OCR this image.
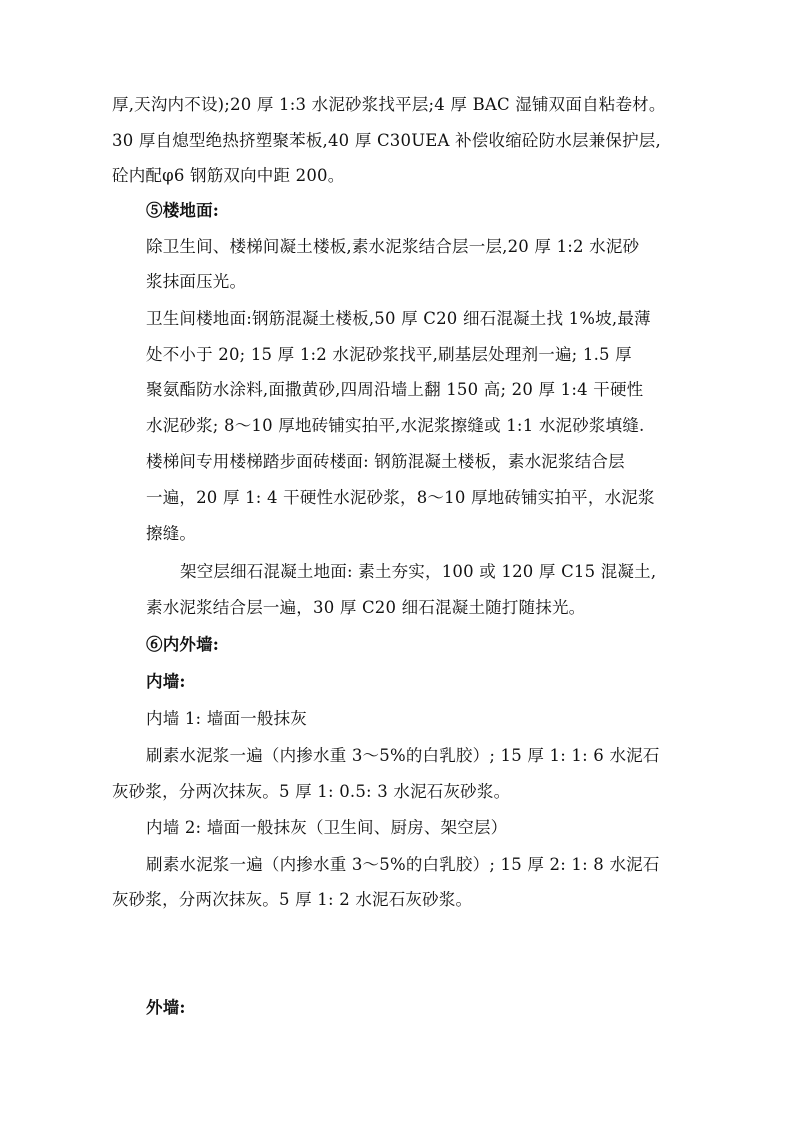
厚,天沟内不设);20 厚 1:3 水泥砂浆找平层;4 厚 BAC 湿铺双面自粘卷材。
30 厚自熄型绝热挤塑聚苯板,40 厚 C30UEA 补偿收缩砼防水层兼保护层,
砼内配φ6 钢筋双向中距 200。
⑤楼地面:
除卫生间、楼梯间凝土楼板,素水泥浆结合层一层,20 厚 1:2 水泥砂
浆抹面压光。
卫生间楼地面:钢筋混凝土楼板,50 厚 C20 细石混凝土找 1%坡,最薄
处不小于 20; 15 厚 1:2 水泥砂浆找平,刷基层处理剂一遍; 1.5 厚
聚氨酯防水涂料,面撒黄砂,四周沿墙上翻 150 高; 20 厚 1:4 干硬性
水泥砂浆; 8～10 厚地砖铺实拍平,水泥浆擦缝或 1:1 水泥砂浆填缝.
楼梯间专用楼梯踏步面砖楼面: 钢筋混凝土楼板，素水泥浆结合层
一遍，20 厚 1: 4 干硬性水泥砂浆，8～10 厚地砖铺实拍平，水泥浆
擦缝。
架空层细石混凝土地面: 素土夯实，100 或 120 厚 C15 混凝土,
素水泥浆结合层一遍，30 厚 C20 细石混凝土随打随抹光。
⑥内外墙:
内墙:
内墙 1: 墙面一般抹灰
刷素水泥浆一遍（内掺水重 3～5%的白乳胶）; 15 厚 1: 1: 6 水泥石
灰砂浆，分两次抹灰。5 厚 1: 0.5: 3 水泥石灰砂浆。
内墙 2: 墙面一般抹灰（卫生间、厨房、架空层）
刷素水泥浆一遍（内掺水重 3～5%的白乳胶）; 15 厚 2: 1: 8 水泥石
灰砂浆，分两次抹灰。5 厚 1: 2 水泥石灰砂浆。
外墙:
